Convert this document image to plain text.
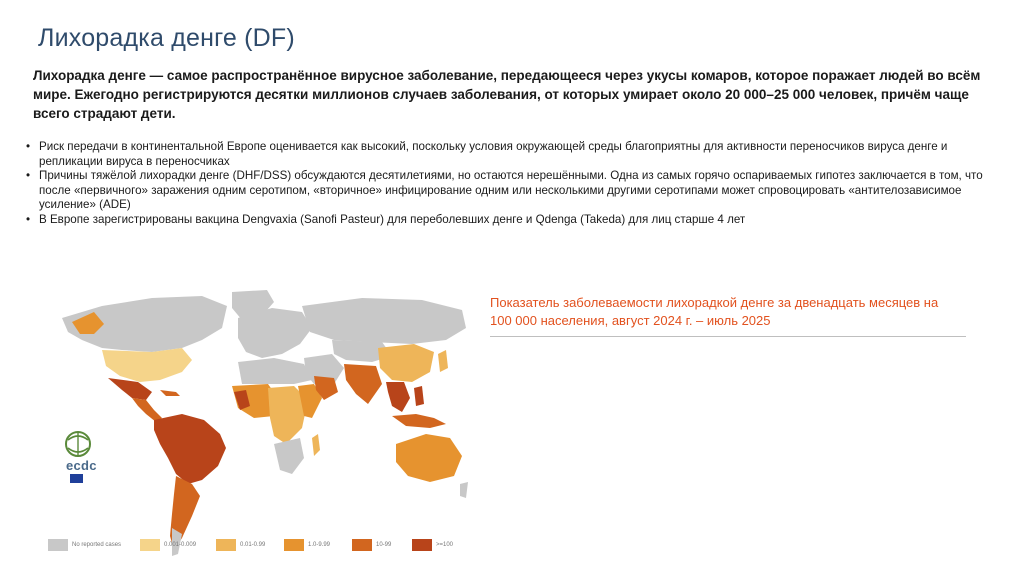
Лихорадка денге (DF)
Лихорадка денге — самое распространённое вирусное заболевание, передающееся через укусы комаров, которое поражает людей во всём мире. Ежегодно регистрируются десятки миллионов случаев заболевания, от которых умирает около 20 000–25 000 человек, причём чаще всего страдают дети.
• Риск передачи в континентальной Европе оценивается как высокий, поскольку условия окружающей среды благоприятны для активности переносчиков вируса денге и репликации вируса в переносчиках
• Причины тяжёлой лихорадки денге (DHF/DSS) обсуждаются десятилетиями, но остаются нерешёнными. Одна из самых горячо оспариваемых гипотез заключается в том, что после «первичного» заражения одним серотипом, «вторичное» инфицирование одним или несколькими другими серотипами может спровоцировать «антителозависимое усиление» (ADE)
• В Европе зарегистрированы вакцина Dengvaxia (Sanofi Pasteur) для переболевших денге и Qdenga (Takeda) для лиц старше 4 лет
ecdc
Показатель заболеваемости лихорадкой денге за двенадцать месяцев на 100 000 населения, август 2024 г. – июль 2025
No reported cases	0.001-0.009	0.01-0.99	1.0-9.99	10-99	>=100
